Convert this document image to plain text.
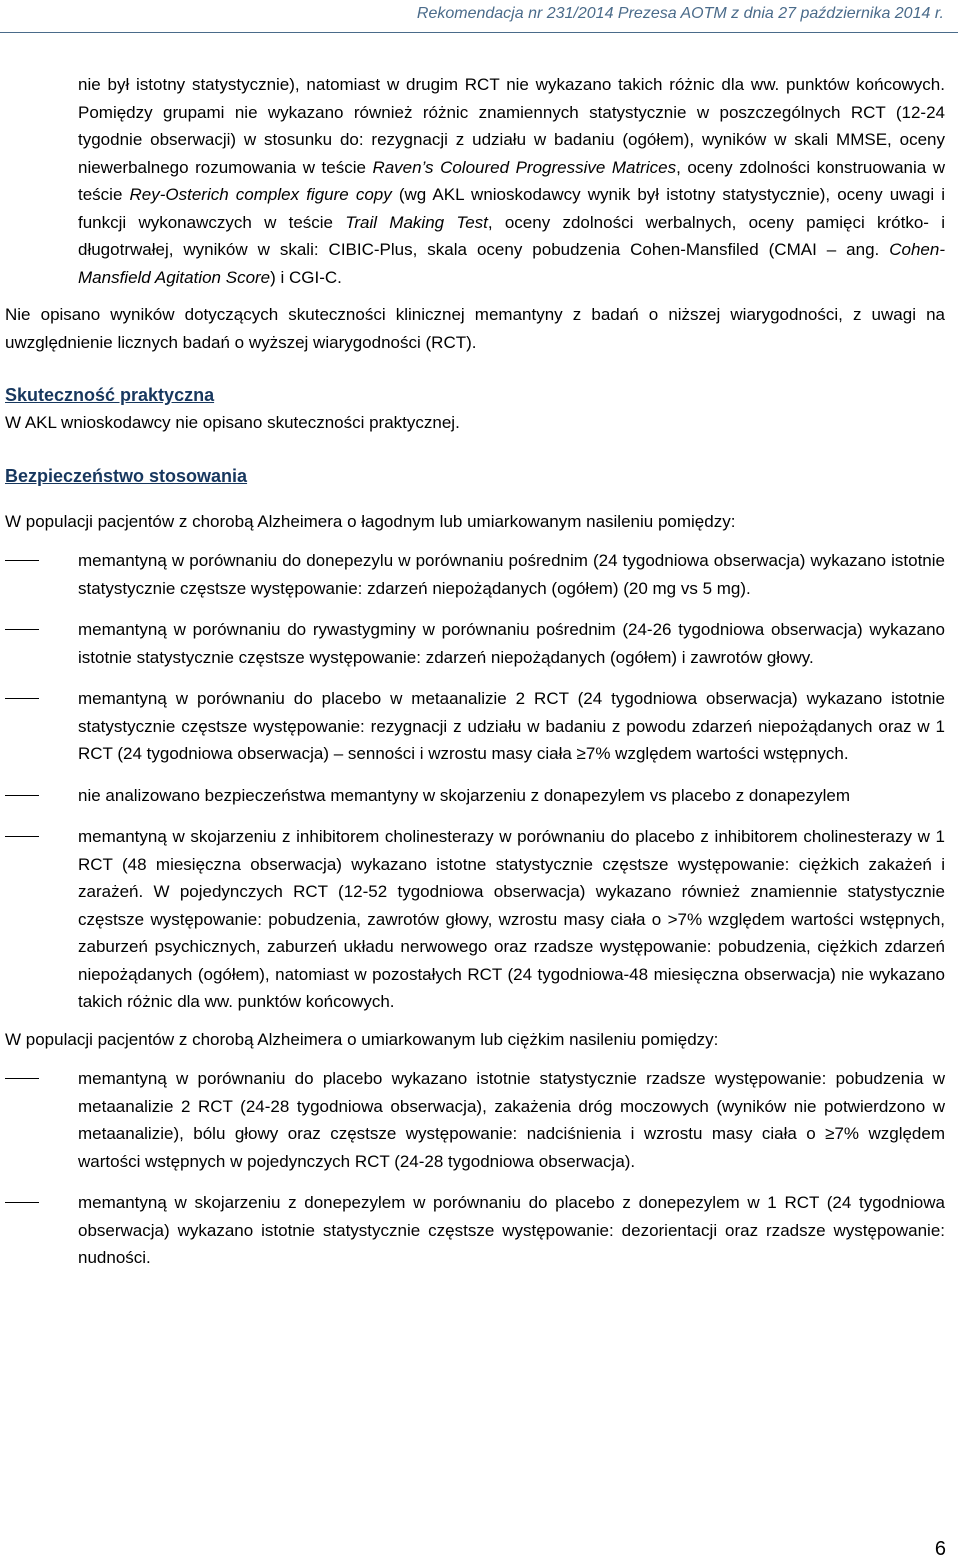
Rekomendacja nr 231/2014 Prezesa AOTM z dnia 27 października 2014 r.

nie był istotny statystycznie), natomiast w drugim RCT nie wykazano takich różnic dla ww. punktów końcowych. Pomiędzy grupami nie wykazano również różnic znamiennych statystycznie w poszczególnych RCT (12-24 tygodnie obserwacji) w stosunku do: rezygnacji z udziału w badaniu (ogółem), wyników w skali MMSE, oceny niewerbalnego rozumowania w teście Raven’s Coloured Progressive Matrices, oceny zdolności konstruowania w teście Rey-Osterich complex figure copy (wg AKL wnioskodawcy wynik był istotny statystycznie), oceny uwagi i funkcji wykonawczych w teście Trail Making Test, oceny zdolności werbalnych, oceny pamięci krótko- i długotrwałej, wyników w skali: CIBIC-Plus, skala oceny pobudzenia Cohen-Mansfiled (CMAI – ang. Cohen-Mansfield Agitation Score) i CGI-C.

Nie opisano wyników dotyczących skuteczności klinicznej memantyny z badań o niższej wiarygodności, z uwagi na uwzględnienie licznych badań o wyższej wiarygodności (RCT).

Skuteczność praktyczna

W AKL wnioskodawcy nie opisano skuteczności praktycznej.

Bezpieczeństwo stosowania

W populacji pacjentów z chorobą Alzheimera o łagodnym lub umiarkowanym nasileniu pomiędzy:

memantyną w porównaniu do donepezylu w porównaniu pośrednim (24 tygodniowa obserwacja) wykazano istotnie statystycznie częstsze występowanie: zdarzeń niepożądanych (ogółem) (20 mg vs 5 mg).
memantyną w porównaniu do rywastygminy w porównaniu pośrednim (24-26 tygodniowa obserwacja) wykazano istotnie statystycznie częstsze występowanie: zdarzeń niepożądanych (ogółem) i zawrotów głowy.
memantyną w porównaniu do placebo w metaanalizie 2 RCT (24 tygodniowa obserwacja) wykazano istotnie statystycznie częstsze występowanie: rezygnacji z udziału w badaniu z powodu zdarzeń niepożądanych oraz w 1 RCT (24 tygodniowa obserwacja) – senności i wzrostu masy ciała ≥7% względem wartości wstępnych.
nie analizowano bezpieczeństwa memantyny w skojarzeniu z donapezylem vs placebo z donapezylem
memantyną w skojarzeniu z inhibitorem cholinesterazy w porównaniu do placebo z inhibitorem cholinesterazy w 1 RCT (48 miesięczna obserwacja) wykazano istotne statystycznie częstsze występowanie: ciężkich zakażeń i zarażeń. W pojedynczych RCT (12-52 tygodniowa obserwacja) wykazano również znamiennie statystycznie częstsze występowanie: pobudzenia, zawrotów głowy, wzrostu masy ciała o >7% względem wartości wstępnych, zaburzeń psychicznych, zaburzeń układu nerwowego oraz rzadsze występowanie: pobudzenia, ciężkich zdarzeń niepożądanych (ogółem), natomiast w pozostałych RCT (24 tygodniowa-48 miesięczna obserwacja) nie wykazano takich różnic dla ww. punktów końcowych.

W populacji pacjentów z chorobą Alzheimera o umiarkowanym lub ciężkim nasileniu pomiędzy:

memantyną w porównaniu do placebo wykazano istotnie statystycznie rzadsze występowanie: pobudzenia w metaanalizie 2 RCT (24-28 tygodniowa obserwacja), zakażenia dróg moczowych (wyników nie potwierdzono w metaanalizie), bólu głowy oraz częstsze występowanie: nadciśnienia i wzrostu masy ciała o ≥7% względem wartości wstępnych w pojedynczych RCT (24-28 tygodniowa obserwacja).
memantyną w skojarzeniu z donepezylem w porównaniu do placebo z donepezylem w 1 RCT (24 tygodniowa obserwacja) wykazano istotnie statystycznie częstsze występowanie: dezorientacji oraz rzadsze występowanie: nudności.
6
